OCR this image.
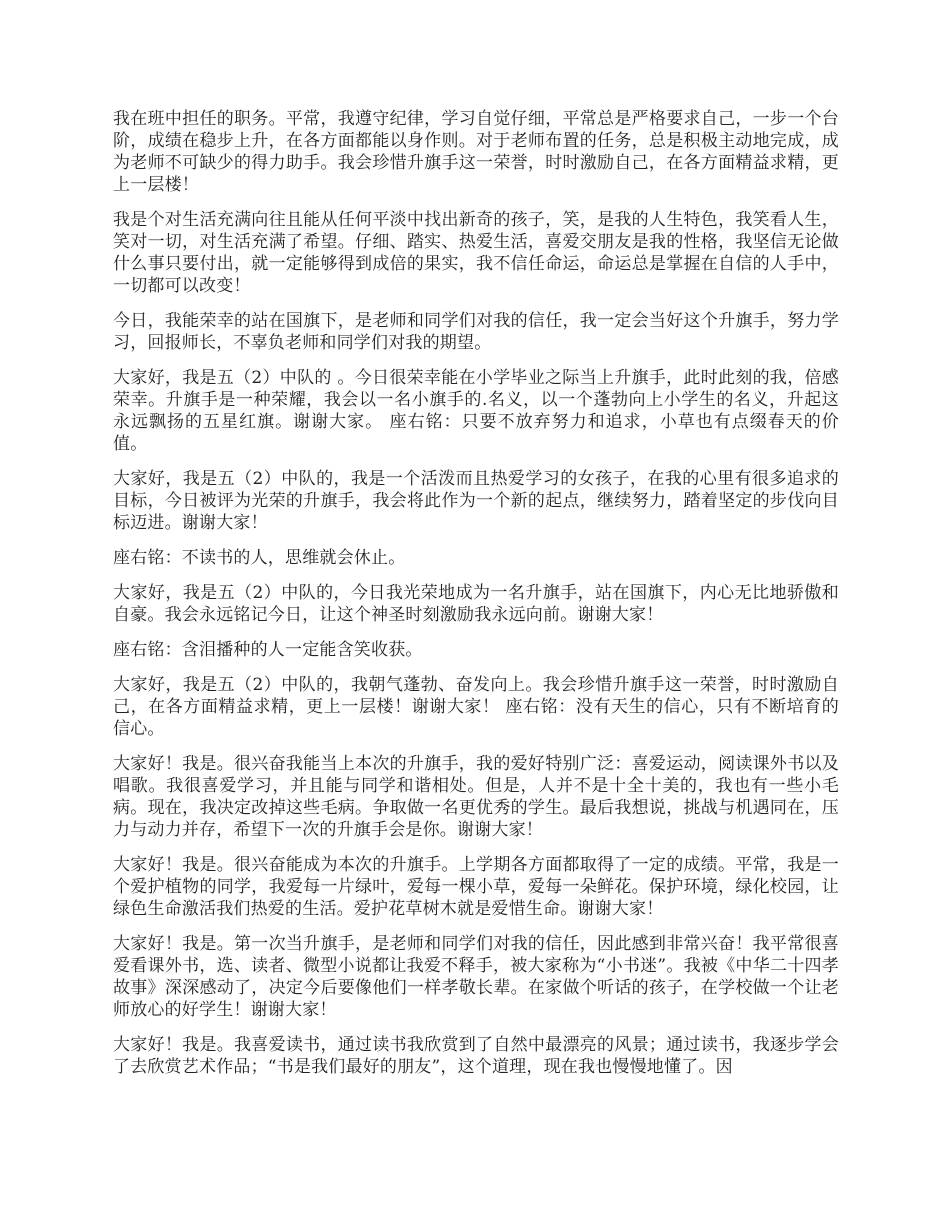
我在班中担任的职务。平常，我遵守纪律，学习自觉仔细，平常总是严格要求自己，一步一个台阶，成绩在稳步上升，在各方面都能以身作则。对于老师布置的任务，总是积极主动地完成，成为老师不可缺少的得力助手。我会珍惜升旗手这一荣誉，时时激励自己，在各方面精益求精，更上一层楼！

我是个对生活充满向往且能从任何平淡中找出新奇的孩子，笑，是我的人生特色，我笑看人生，笑对一切，对生活充满了希望。仔细、踏实、热爱生活，喜爱交朋友是我的性格，我坚信无论做什么事只要付出，就一定能够得到成倍的果实，我不信任命运，命运总是掌握在自信的人手中，一切都可以改变！

今日，我能荣幸的站在国旗下，是老师和同学们对我的信任，我一定会当好这个升旗手，努力学习，回报师长，不辜负老师和同学们对我的期望。

大家好，我是五（2）中队的 。今日很荣幸能在小学毕业之际当上升旗手，此时此刻的我，倍感荣幸。升旗手是一种荣耀，我会以一名小旗手的.名义，以一个蓬勃向上小学生的名义，升起这永远飘扬的五星红旗。谢谢大家。 座右铭：只要不放弃努力和追求，小草也有点缀春天的价值。

大家好，我是五（2）中队的，我是一个活泼而且热爱学习的女孩子，在我的心里有很多追求的目标，今日被评为光荣的升旗手，我会将此作为一个新的起点，继续努力，踏着坚定的步伐向目标迈进。谢谢大家！

座右铭：不读书的人，思维就会休止。

大家好，我是五（2）中队的，今日我光荣地成为一名升旗手，站在国旗下，内心无比地骄傲和自豪。我会永远铭记今日，让这个神圣时刻激励我永远向前。谢谢大家！

座右铭：含泪播种的人一定能含笑收获。

大家好，我是五（2）中队的，我朝气蓬勃、奋发向上。我会珍惜升旗手这一荣誉，时时激励自己，在各方面精益求精，更上一层楼！谢谢大家！ 座右铭：没有天生的信心，只有不断培育的信心。

大家好！我是。很兴奋我能当上本次的升旗手，我的爱好特别广泛：喜爱运动，阅读课外书以及唱歌。我很喜爱学习，并且能与同学和谐相处。但是，人并不是十全十美的，我也有一些小毛病。现在，我决定改掉这些毛病。争取做一名更优秀的学生。最后我想说，挑战与机遇同在，压力与动力并存，希望下一次的升旗手会是你。谢谢大家！

大家好！我是。很兴奋能成为本次的升旗手。上学期各方面都取得了一定的成绩。平常，我是一个爱护植物的同学，我爱每一片绿叶，爱每一棵小草，爱每一朵鲜花。保护环境，绿化校园，让绿色生命激活我们热爱的生活。爱护花草树木就是爱惜生命。谢谢大家！

大家好！我是。第一次当升旗手，是老师和同学们对我的信任，因此感到非常兴奋！我平常很喜爱看课外书，选、读者、微型小说都让我爱不释手，被大家称为“小书迷”。我被《中华二十四孝故事》深深感动了，决定今后要像他们一样孝敬长辈。在家做个听话的孩子，在学校做一个让老师放心的好学生！谢谢大家！

大家好！我是。我喜爱读书，通过读书我欣赏到了自然中最漂亮的风景；通过读书，我逐步学会了去欣赏艺术作品；“书是我们最好的朋友”，这个道理，现在我也慢慢地懂了。因
